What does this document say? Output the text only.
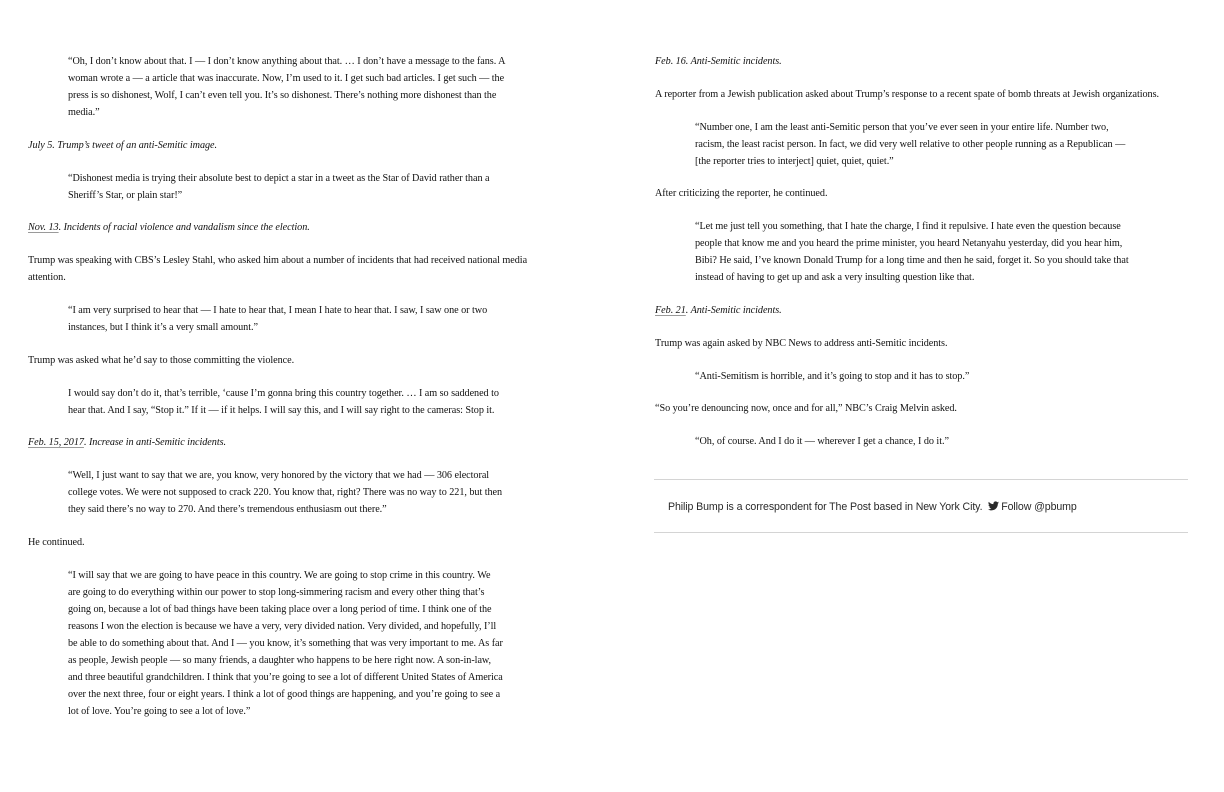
“Oh, I don’t know about that. I — I don’t know anything about that. … I don’t have a message to the fans. A
woman wrote a — a article that was inaccurate. Now, I’m used to it. I get such bad articles. I get such — the
press is so dishonest, Wolf, I can’t even tell you. It’s so dishonest. There’s nothing more dishonest than the
media.”

July 5. Trump’s tweet of an anti-Semitic image.

“Dishonest media is trying their absolute best to depict a star in a tweet as the Star of David rather than a
Sheriff’s Star, or plain star!”

Nov. 13. Incidents of racial violence and vandalism since the election.

Trump was speaking with CBS’s Lesley Stahl, who asked him about a number of incidents that had received national media
attention.

“I am very surprised to hear that — I hate to hear that, I mean I hate to hear that. I saw, I saw one or two
instances, but I think it’s a very small amount.”

Trump was asked what he’d say to those committing the violence.

I would say don’t do it, that’s terrible, ‘cause I’m gonna bring this country together. … I am so saddened to
hear that. And I say, “Stop it.” If it — if it helps. I will say this, and I will say right to the cameras: Stop it.

Feb. 15, 2017. Increase in anti-Semitic incidents.

“Well, I just want to say that we are, you know, very honored by the victory that we had — 306 electoral
college votes. We were not supposed to crack 220. You know that, right? There was no way to 221, but then
they said there’s no way to 270. And there’s tremendous enthusiasm out there.”

He continued.

“I will say that we are going to have peace in this country. We are going to stop crime in this country. We
are going to do everything within our power to stop long-simmering racism and every other thing that’s
going on, because a lot of bad things have been taking place over a long period of time. I think one of the
reasons I won the election is because we have a very, very divided nation. Very divided, and hopefully, I’ll
be able to do something about that. And I — you know, it’s something that was very important to me. As far
as people, Jewish people — so many friends, a daughter who happens to be here right now. A son-in-law,
and three beautiful grandchildren. I think that you’re going to see a lot of different United States of America
over the next three, four or eight years. I think a lot of good things are happening, and you’re going to see a
lot of love. You’re going to see a lot of love.”

Feb. 16. Anti-Semitic incidents.

A reporter from a Jewish publication asked about Trump’s response to a recent spate of bomb threats at Jewish organizations.

“Number one, I am the least anti-Semitic person that you’ve ever seen in your entire life. Number two,
racism, the least racist person. In fact, we did very well relative to other people running as a Republican —
[the reporter tries to interject] quiet, quiet, quiet.”

After criticizing the reporter, he continued.

“Let me just tell you something, that I hate the charge, I find it repulsive. I hate even the question because
people that know me and you heard the prime minister, you heard Netanyahu yesterday, did you hear him,
Bibi? He said, I’ve known Donald Trump for a long time and then he said, forget it. So you should take that
instead of having to get up and ask a very insulting question like that.

Feb. 21. Anti-Semitic incidents.

Trump was again asked by NBC News to address anti-Semitic incidents.

“Anti-Semitism is horrible, and it’s going to stop and it has to stop.”

“So you’re denouncing now, once and for all,” NBC’s Craig Melvin asked.

“Oh, of course. And I do it — wherever I get a chance, I do it.”

Philip Bump is a correspondent for The Post based in New York City. Follow @pbump
